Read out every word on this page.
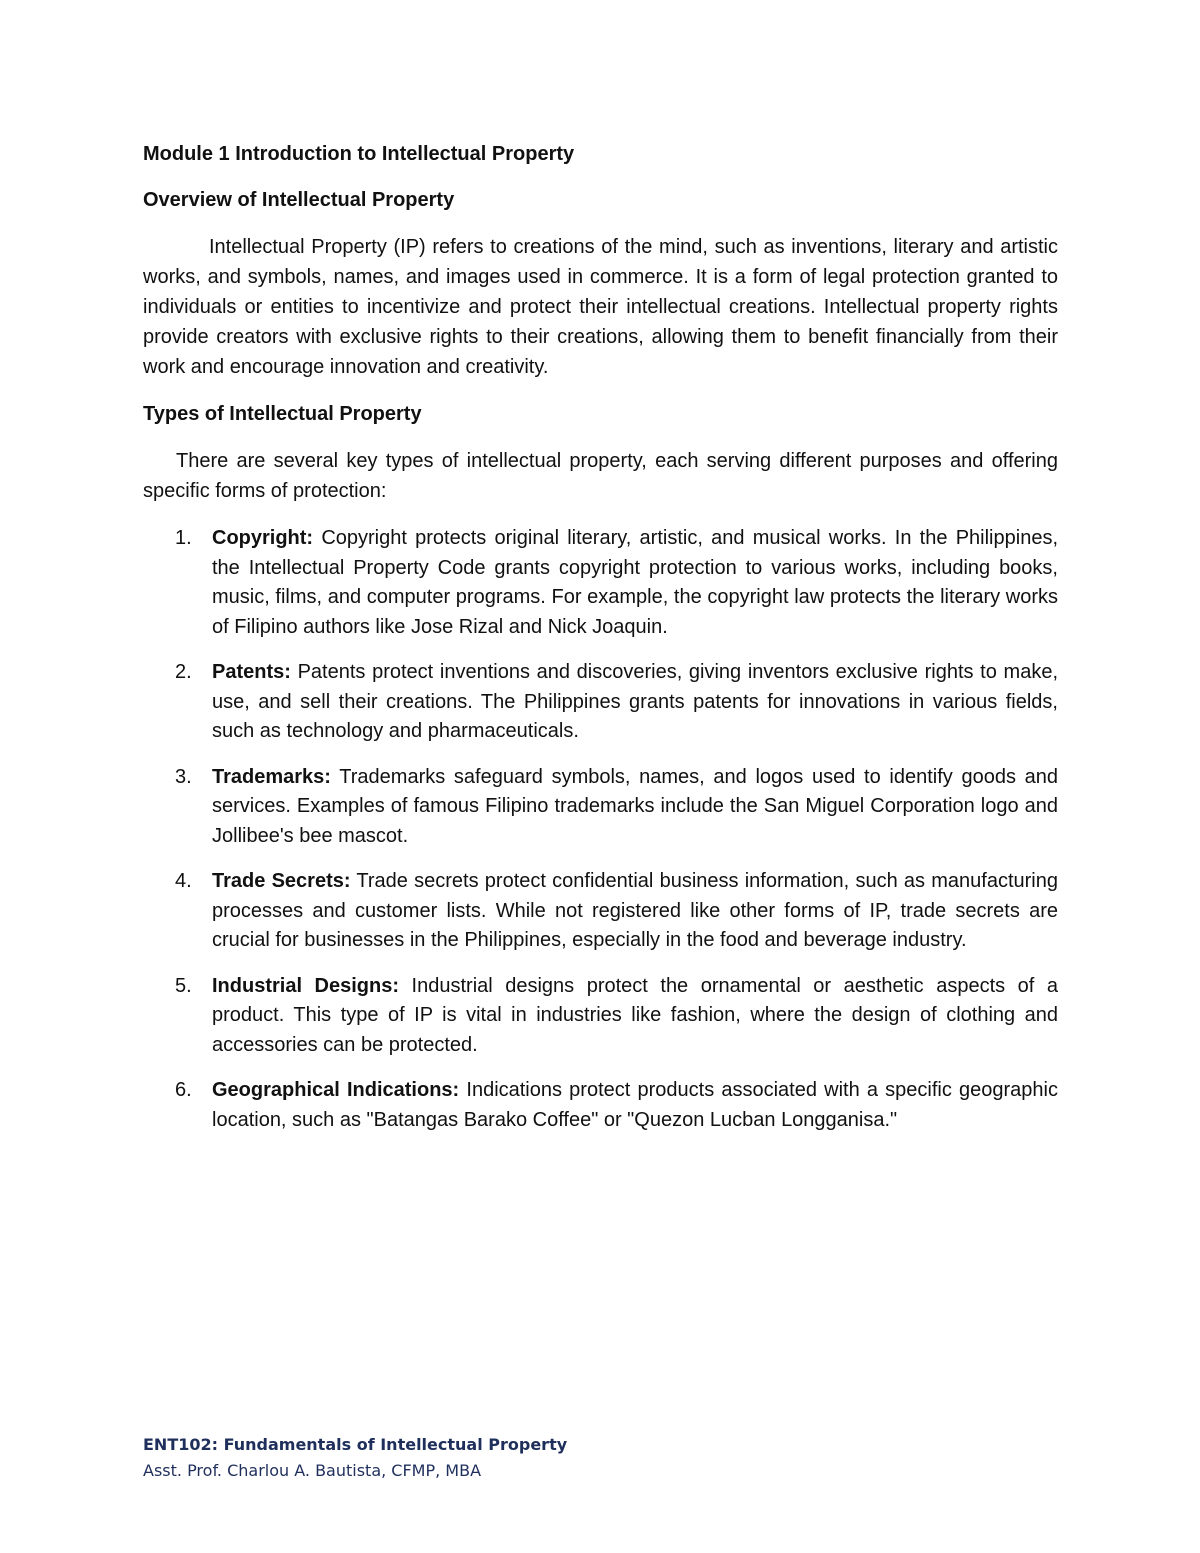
Module 1 Introduction to Intellectual Property
Overview of Intellectual Property

Intellectual Property (IP) refers to creations of the mind, such as inventions, literary and artistic works, and symbols, names, and images used in commerce. It is a form of legal protection granted to individuals or entities to incentivize and protect their intellectual creations. Intellectual property rights provide creators with exclusive rights to their creations, allowing them to benefit financially from their work and encourage innovation and creativity.

Types of Intellectual Property

There are several key types of intellectual property, each serving different purposes and offering specific forms of protection:

1. Copyright: Copyright protects original literary, artistic, and musical works. In the Philippines, the Intellectual Property Code grants copyright protection to various works, including books, music, films, and computer programs. For example, the copyright law protects the literary works of Filipino authors like Jose Rizal and Nick Joaquin.
2. Patents: Patents protect inventions and discoveries, giving inventors exclusive rights to make, use, and sell their creations. The Philippines grants patents for innovations in various fields, such as technology and pharmaceuticals.
3. Trademarks: Trademarks safeguard symbols, names, and logos used to identify goods and services. Examples of famous Filipino trademarks include the San Miguel Corporation logo and Jollibee's bee mascot.
4. Trade Secrets: Trade secrets protect confidential business information, such as manufacturing processes and customer lists. While not registered like other forms of IP, trade secrets are crucial for businesses in the Philippines, especially in the food and beverage industry.
5. Industrial Designs: Industrial designs protect the ornamental or aesthetic aspects of a product. This type of IP is vital in industries like fashion, where the design of clothing and accessories can be protected.
6. Geographical Indications: Indications protect products associated with a specific geographic location, such as "Batangas Barako Coffee" or "Quezon Lucban Longganisa."
ENT102: Fundamentals of Intellectual Property
Asst. Prof. Charlou A. Bautista, CFMP, MBA
